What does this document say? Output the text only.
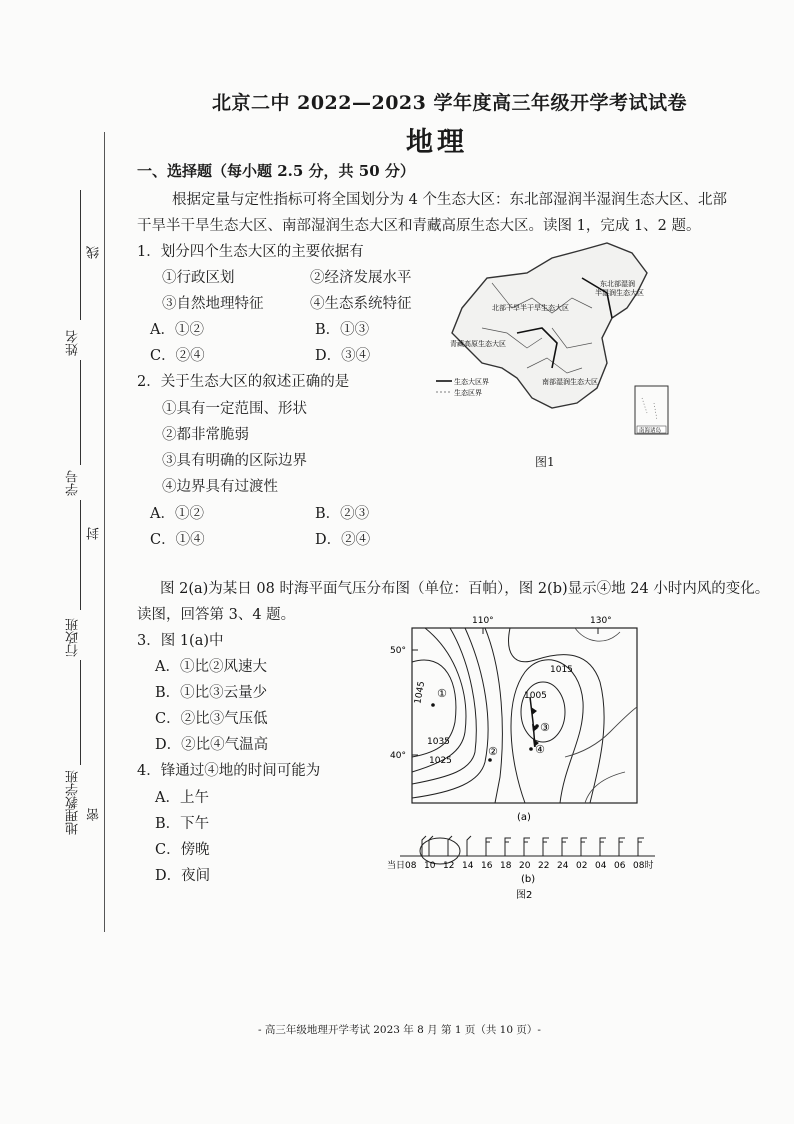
北京二中 2022—2023 学年度高三年级开学考试试卷
地理
线
姓名
学号
封
行政班
地理教学班 密
一、选择题（每小题 2.5 分，共 50 分）
根据定量与定性指标可将全国划分为 4 个生态大区：东北部湿润半湿润生态大区、北部
干旱半干旱生态大区、南部湿润生态大区和青藏高原生态大区。读图 1，完成 1、2 题。
1．划分四个生态大区的主要依据有
①行政区划	②经济发展水平
③自然地理特征	④生态系统特征
A．①②	B．①③
C．②④	D．③④
2．关于生态大区的叙述正确的是
①具有一定范围、形状
②都非常脆弱
③具有明确的区际边界
④边界具有过渡性
A．①②	B．②③
C．①④	D．②④
东北部湿润
半湿润生态大区
北部干旱半干旱生态大区
青藏高原生态大区
南部湿润生态大区
生态大区界
生态区界
南海诸岛
图1
图 2(a)为某日 08 时海平面气压分布图（单位：百帕），图 2(b)显示④地 24 小时内风的变化。
读图，回答第 3、4 题。
3．图 1(a)中
A．①比②风速大
B．①比③云量少
C．②比③气压低
D．②比④气温高
4．锋通过④地的时间可能为
A．上午
B．下午
C．傍晚
D．夜间
110°	130°
50°
40°
1045
1035
1025
1015
1005
①
②
③
④
(a)
当日08 10 12 14 16 18 20 22 24 02 04 06 08时
(b)
图2
- 高三年级地理开学考试 2023 年 8 月 第 1 页（共 10 页）-
